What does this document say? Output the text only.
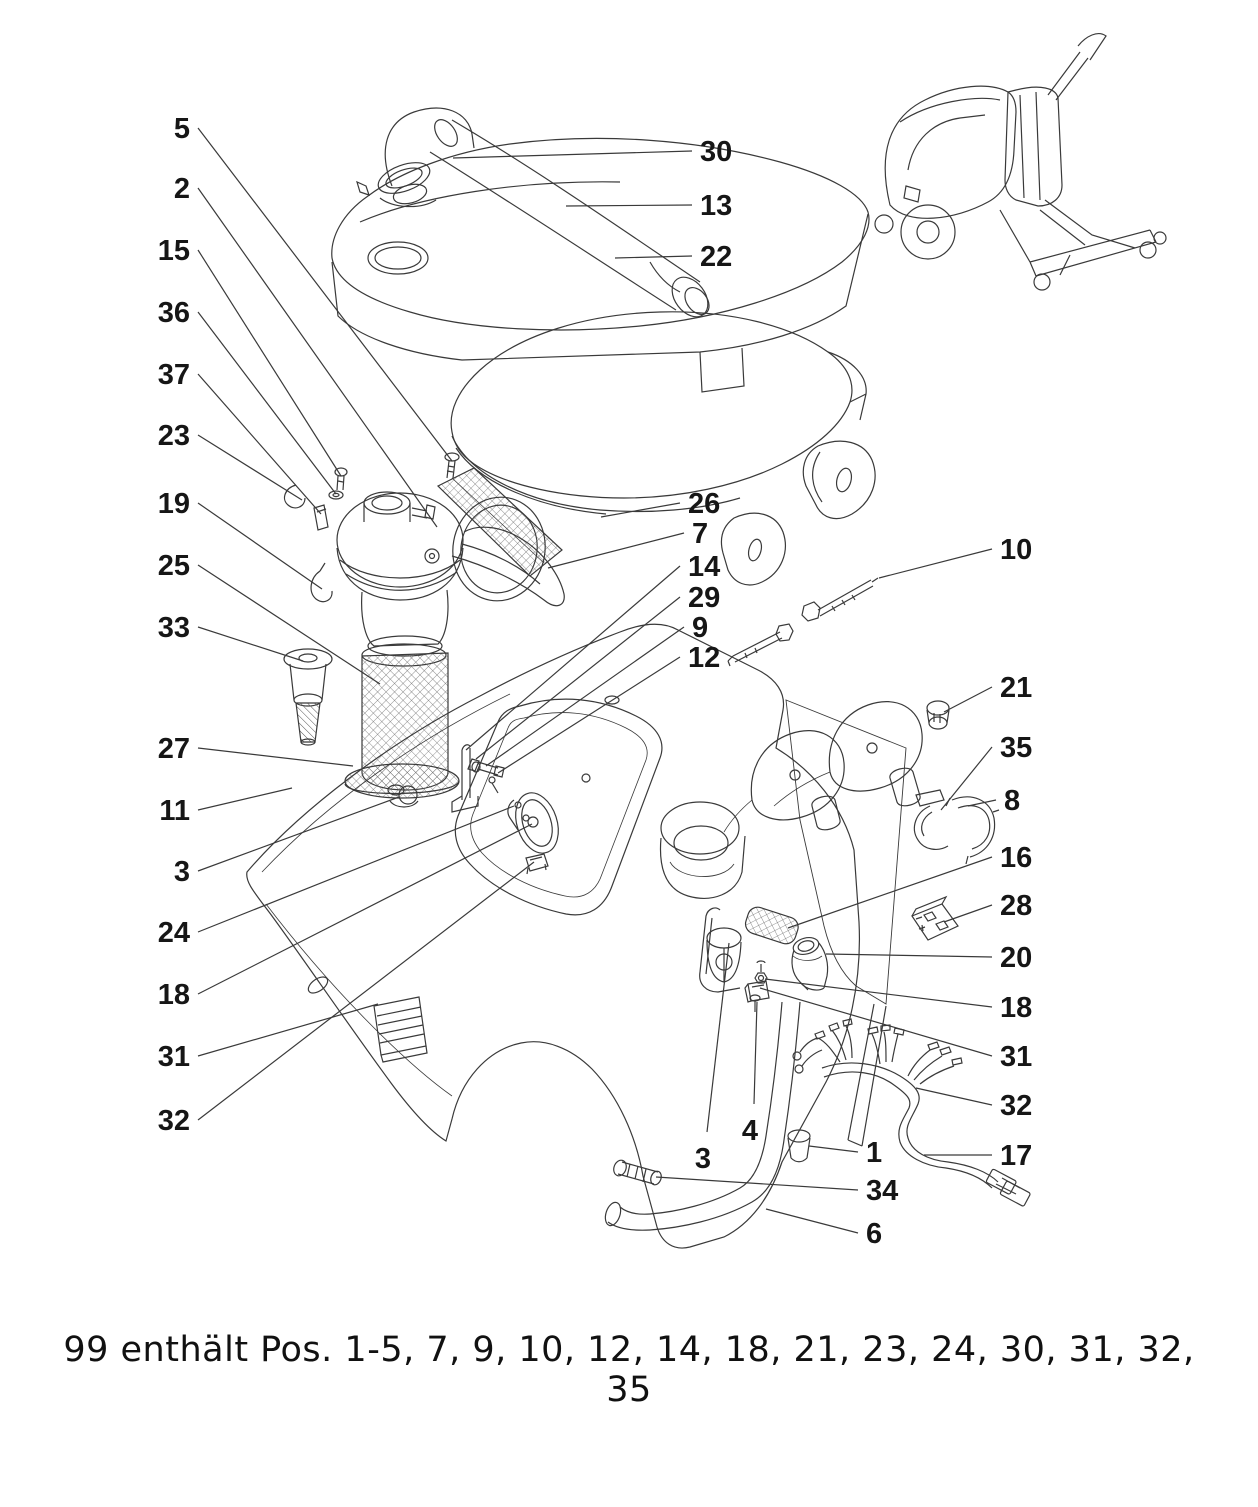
5
2
15
36
37
23
19
25
33
27
11
3
24
18
31
32
30
13
22
26
7
14
29
9
12
10
21
35
8
16
28
20
18
31
32
17
1
34
6
4
3
99 enthält Pos. 1-5, 7, 9, 10, 12, 14, 18, 21, 23, 24, 30, 31, 32, 35
